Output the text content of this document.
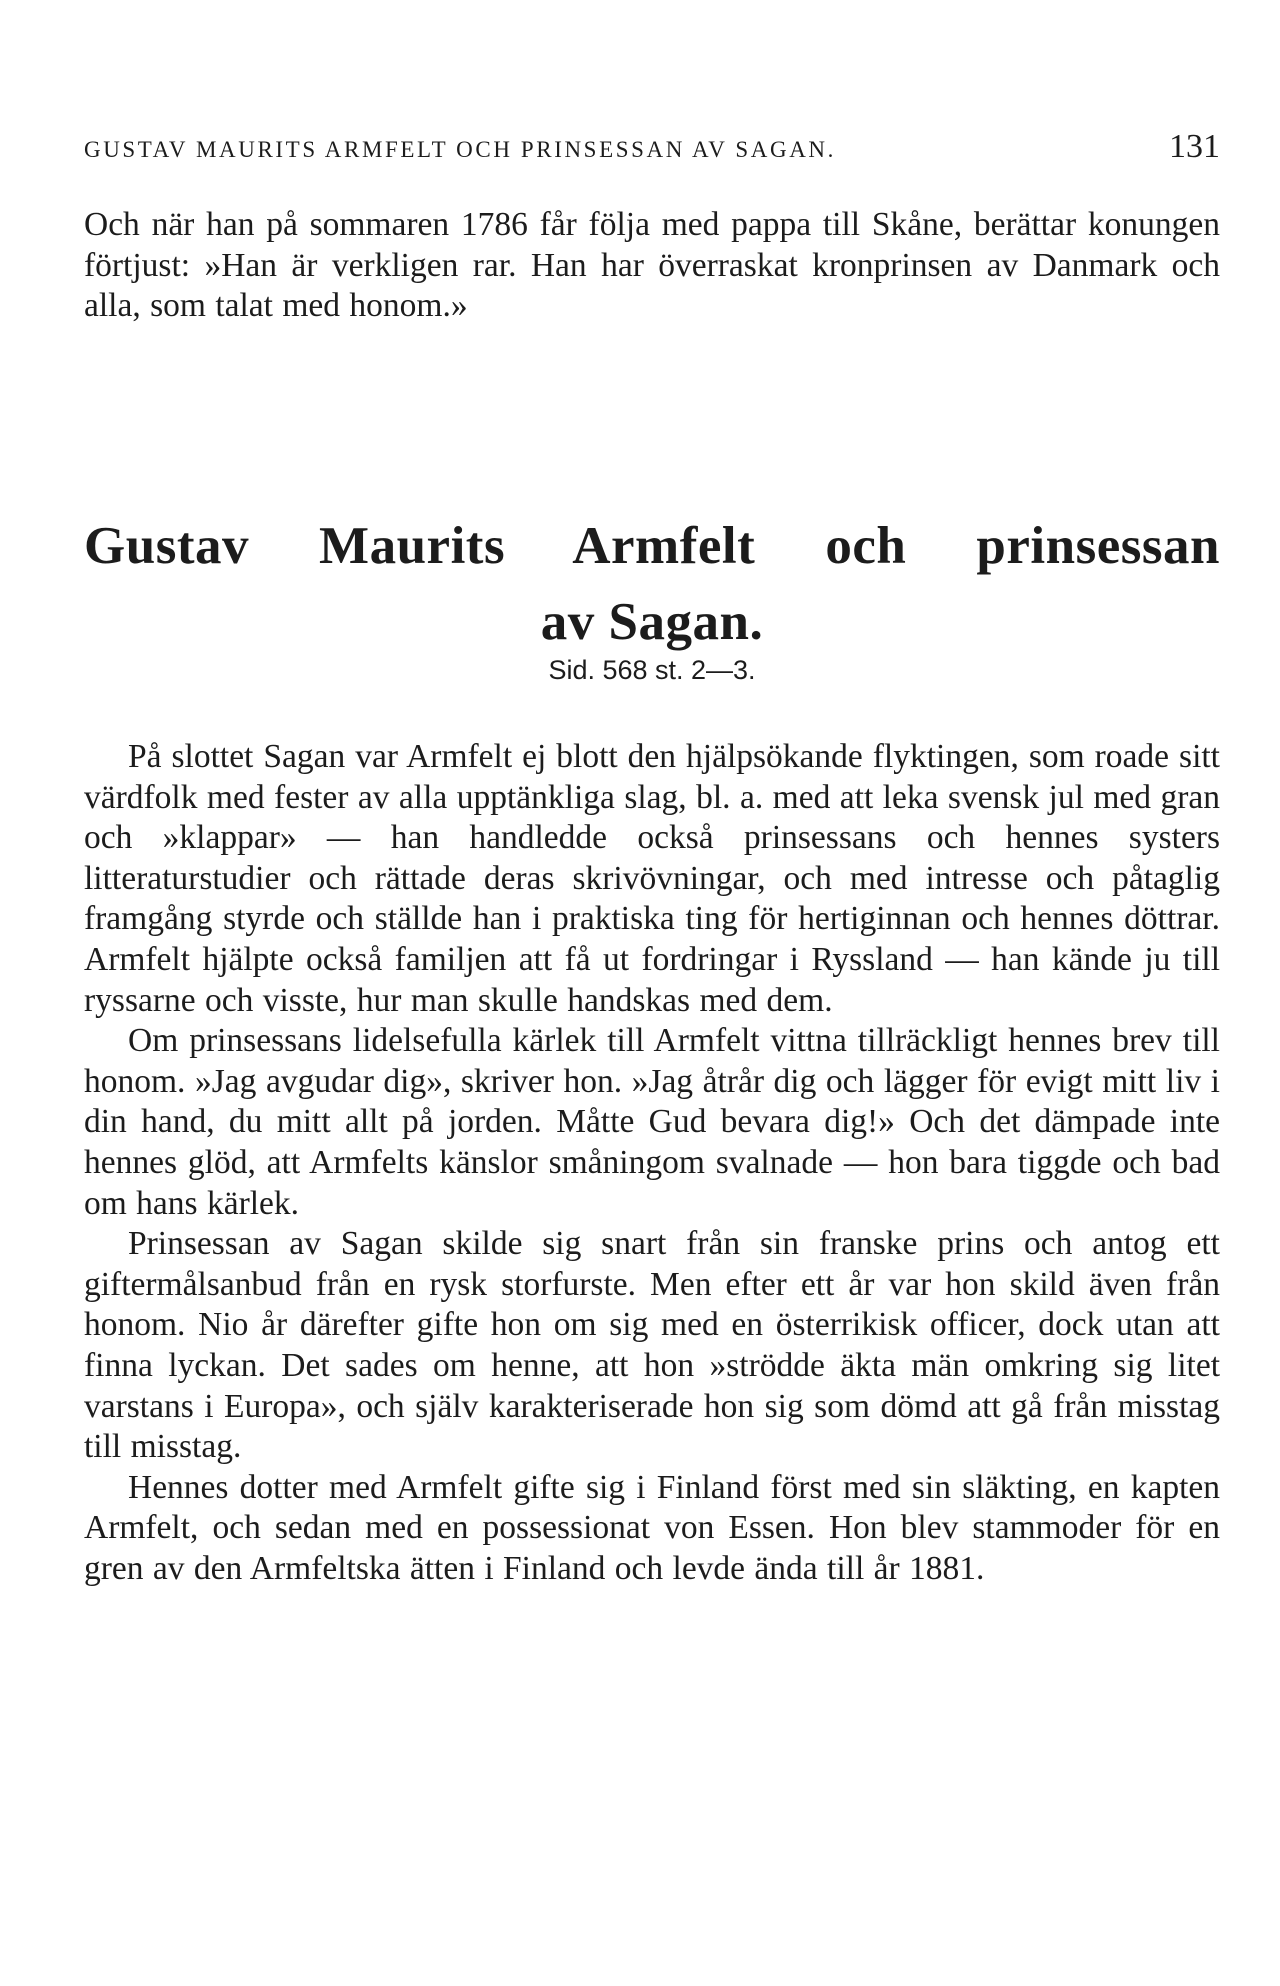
GUSTAV MAURITS ARMFELT OCH PRINSESSAN AV SAGAN.	131

Och när han på sommaren 1786 får följa med pappa till Skåne, berättar konungen förtjust: »Han är verkligen rar. Han har överraskat kronprinsen av Danmark och alla, som talat med honom.»

Gustav Maurits Armfelt och prinsessan
av Sagan.
Sid. 568 st. 2—3.

På slottet Sagan var Armfelt ej blott den hjälpsökande flyktingen, som roade sitt värdfolk med fester av alla upptänkliga slag, bl. a. med att leka svensk jul med gran och »klappar» — han handledde också prinsessans och hennes systers litteraturstudier och rättade deras skrivövningar, och med intresse och påtaglig framgång styrde och ställde han i praktiska ting för hertiginnan och hennes döttrar. Armfelt hjälpte också familjen att få ut fordringar i Ryssland — han kände ju till ryssarne och visste, hur man skulle handskas med dem.

Om prinsessans lidelsefulla kärlek till Armfelt vittna tillräckligt hennes brev till honom. »Jag avgudar dig», skriver hon. »Jag åtrår dig och lägger för evigt mitt liv i din hand, du mitt allt på jorden. Måtte Gud bevara dig!» Och det dämpade inte hennes glöd, att Armfelts känslor småningom svalnade — hon bara tiggde och bad om hans kärlek.

Prinsessan av Sagan skilde sig snart från sin franske prins och antog ett giftermålsanbud från en rysk storfurste. Men efter ett år var hon skild även från honom. Nio år därefter gifte hon om sig med en österrikisk officer, dock utan att finna lyckan. Det sades om henne, att hon »strödde äkta män omkring sig litet varstans i Europa», och själv karakteriserade hon sig som dömd att gå från misstag till misstag.

Hennes dotter med Armfelt gifte sig i Finland först med sin släkting, en kapten Armfelt, och sedan med en possessionat von Essen. Hon blev stammoder för en gren av den Armfeltska ätten i Finland och levde ända till år 1881.
